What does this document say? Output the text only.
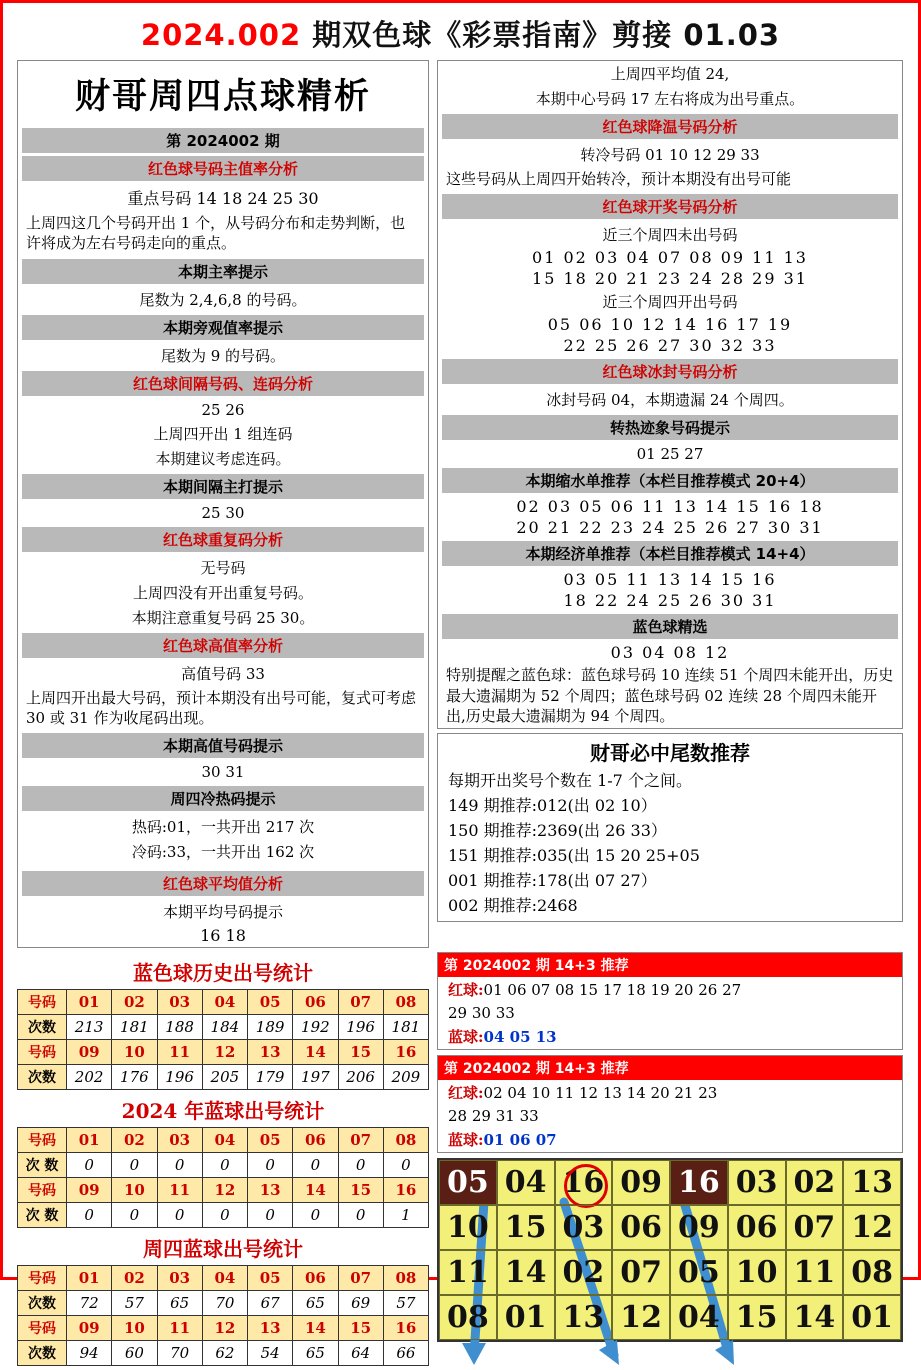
2024.002 期双色球《彩票指南》剪接 01.03
财哥周四点球精析
第 2024002 期
红色球号码主值率分析
重点号码 14 18 24 25 30
上周四这几个号码开出 1 个，从号码分布和走势判断，也许将成为左右号码走向的重点。
本期主率提示
尾数为 2,4,6,8 的号码。
本期旁观值率提示
尾数为 9 的号码。
红色球间隔号码、连码分析
25 26
上周四开出 1 组连码
本期建议考虑连码。
本期间隔主打提示
25 30
红色球重复码分析
无号码
上周四没有开出重复号码。
本期注意重复号码 25 30。
红色球高值率分析
高值号码 33
上周四开出最大号码，预计本期没有出号可能，复式可考虑 30 或 31 作为收尾码出现。
本期高值号码提示
30 31
周四冷热码提示
热码:01，一共开出 217 次
冷码:33，一共开出 162 次
红色球平均值分析
本期平均号码提示
16 18
上周四平均值 24,
本期中心号码 17 左右将成为出号重点。
红色球降温号码分析
转冷号码 01 10 12 29 33
这些号码从上周四开始转冷，预计本期没有出号可能
红色球开奖号码分析
近三个周四未出号码
01 02 03 04 07 08 09 11 13
15 18 20 21 23 24 28 29 31
近三个周四开出号码
05 06 10 12 14 16 17 19
22 25 26 27 30 32 33
红色球冰封号码分析
冰封号码 04，本期遗漏 24 个周四。
转热迹象号码提示
01 25 27
本期缩水单推荐（本栏目推荐模式 20+4）
02 03 05 06 11 13 14 15 16 18
20 21 22 23 24 25 26 27 30 31
本期经济单推荐（本栏目推荐模式 14+4）
03 05 11 13 14 15 16
18 22 24 25 26 30 31
蓝色球精选
03 04 08 12
特别提醒之蓝色球：蓝色球号码 10 连续 51 个周四未能开出，历史最大遗漏期为 52 个周四；蓝色球号码 02 连续 28 个周四未能开出,历史最大遗漏期为 94 个周四。
财哥必中尾数推荐
每期开出奖号个数在 1-7 个之间。
149 期推荐:012(出 02 10）
150 期推荐:2369(出 26 33）
151 期推荐:035(出 15 20 25+05
001 期推荐:178(出 07 27）
002 期推荐:2468
蓝色球历史出号统计
号码	01	02	03	04	05	06	07	08
次数	213	181	188	184	189	192	196	181
号码	09	10	11	12	13	14	15	16
次数	202	176	196	205	179	197	206	209
2024 年蓝球出号统计
号码	01	02	03	04	05	06	07	08
次 数	0	0	0	0	0	0	0	0
号码	09	10	11	12	13	14	15	16
次 数	0	0	0	0	0	0	0	1
周四蓝球出号统计
号码	01	02	03	04	05	06	07	08
次数	72	57	65	70	67	65	69	57
号码	09	10	11	12	13	14	15	16
次数	94	60	70	62	54	65	64	66
第 2024002 期 14+3 推荐
红球:01 06 07 08 15 17 18 19 20 26 27
29 30 33
蓝球:04 05 13
第 2024002 期 14+3 推荐
红球:02 04 10 11 12 13 14 20 21 23
28 29 31 33
蓝球:01 06 07
05 04 16 09 16 03 02 13
10 15 03 06 09 06 07 12
11 14 02 07 05 10 11 08
08 01 13 12 04 15 14 01
